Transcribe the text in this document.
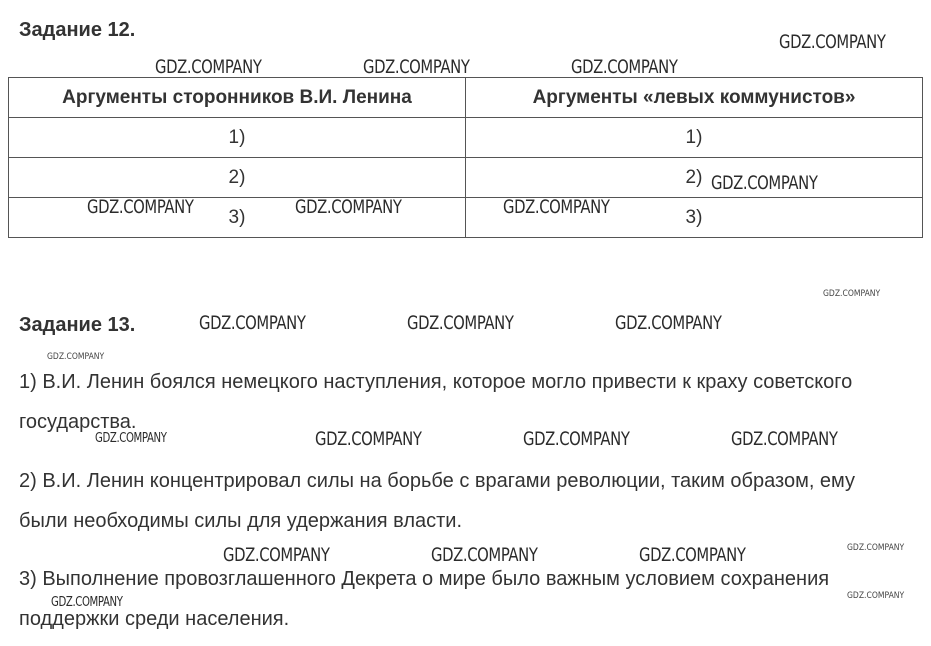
Задание 12.
Аргументы сторонников В.И. Ленина	Аргументы «левых коммунистов»
1)	1)
2)	2)
3)	3)
Задание 13.

1) В.И. Ленин боялся немецкого наступления, которое могло привести к краху советского государства.

2) В.И. Ленин концентрировал силы на борьбе с врагами революции, таким образом, ему были необходимы силы для удержания власти.

3) Выполнение провозглашенного Декрета о мире было важным условием сохранения поддержки среди населения.

GDZ.COMPANY
GDZ.COMPANY	GDZ.COMPANY	GDZ.COMPANY
GDZ.COMPANY
GDZ.COMPANY	GDZ.COMPANY	GDZ.COMPANY
GDZ.COMPANY
GDZ.COMPANY	GDZ.COMPANY	GDZ.COMPANY
GDZ.COMPANY
GDZ.COMPANY	GDZ.COMPANY	GDZ.COMPANY
GDZ.COMPANY
GDZ.COMPANY
GDZ.COMPANY	GDZ.COMPANY	GDZ.COMPANY
GDZ.COMPANY
GDZ.COMPANY
